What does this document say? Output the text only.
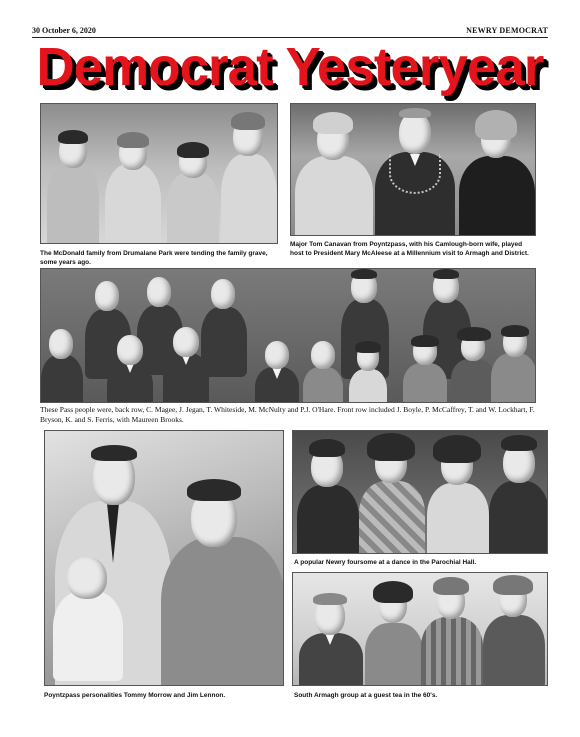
30 October 6, 2020	NEWRY DEMOCRAT
Democrat Yesteryear
The McDonald family from Drumalane Park were tending the family grave, some years ago.
Major Tom Canavan from Poyntzpass, with his Camlough-born wife, played host to President Mary McAleese at a Millennium visit to Armagh and District.
These Pass people were, back row, C. Magee, J. Jegan, T. Whiteside, M. McNulty and P.J. O'Hare. Front row included J. Boyle, P. McCaffrey, T. and W. Lockhart, F. Bryson, K. and S. Ferris, with Maureen Brooks.
Poyntzpass personalities Tommy Morrow and Jim Lennon.
A popular Newry foursome at a dance in the Parochial Hall.
South Armagh group at a guest tea in the 60's.
